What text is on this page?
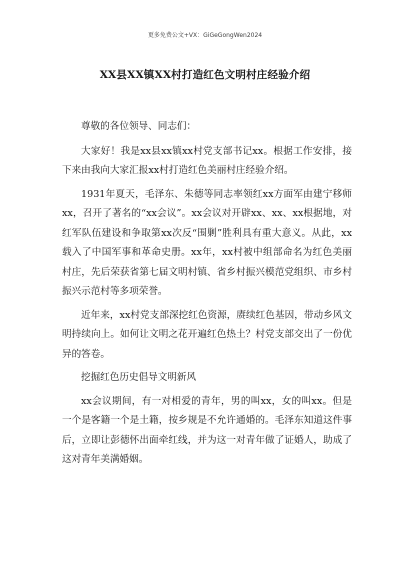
更多免费公文+VX：GiGeGongWen2024
XX县XX镇XX村打造红色文明村庄经验介绍

尊敬的各位领导、同志们：

大家好！我是xx县xx镇xx村党支部书记xx。根据工作安排，接下来由我向大家汇报xx村打造红色美丽村庄经验介绍。

1931年夏天，毛泽东、朱德等同志率领红xx方面军由建宁移师xx，召开了著名的“xx会议”。xx会议对开辟xx、xx、xx根据地，对红军队伍建设和争取第xx次反“围剿”胜利具有重大意义。从此，xx载入了中国军事和革命史册。xx年，xx村被中组部命名为红色美丽村庄，先后荣获省第七届文明村镇、省乡村振兴模范党组织、市乡村振兴示范村等多项荣誉。

近年来，xx村党支部深挖红色资源，赓续红色基因，带动乡风文明持续向上。如何让文明之花开遍红色热土？村党支部交出了一份优异的答卷。

挖掘红色历史倡导文明新风

xx会议期间，有一对相爱的青年，男的叫xx，女的叫xx。但是一个是客籍一个是土籍，按乡规是不允许通婚的。毛泽东知道这件事后，立即让彭德怀出面牵红线，并为这一对青年做了证婚人，助成了这对青年美满婚姻。
